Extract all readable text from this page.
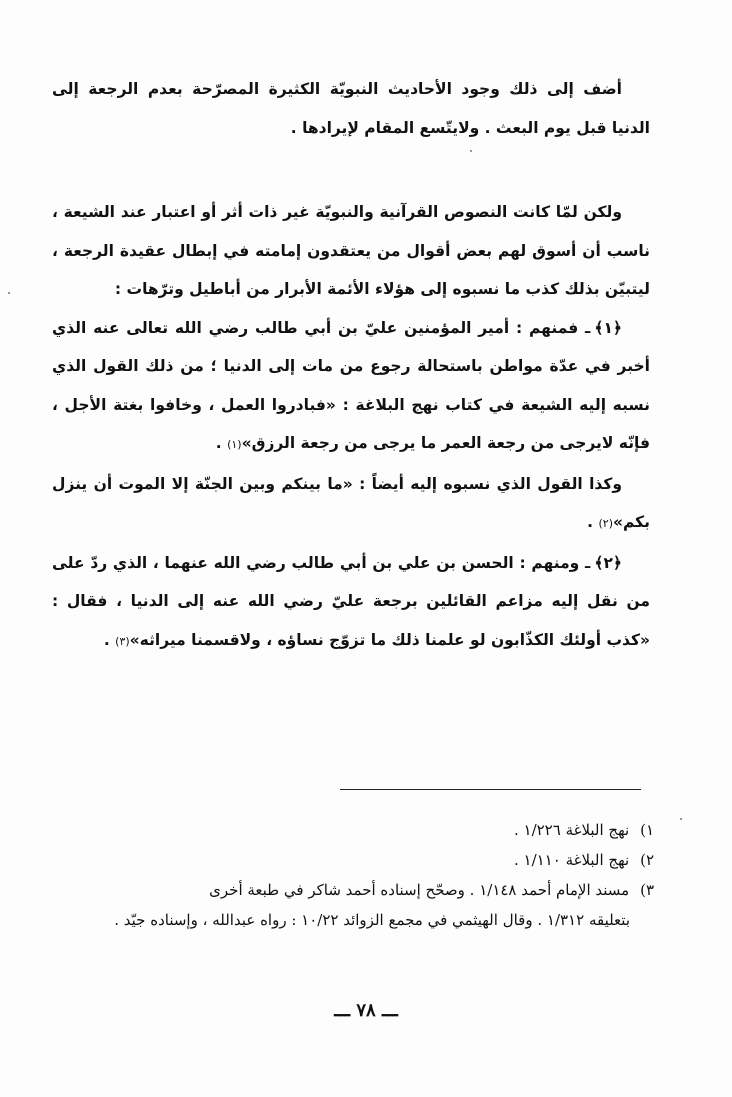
أضف إلى ذلك وجود الأحاديث النبويّة الكثيرة المصرّحة بعدم الرجعة إلى الدنيا قبل يوم البعث . ولايتّسع المقام لإيرادها .

ولكن لمّا كانت النصوص القرآنية والنبويّة غير ذات أثر أو اعتبار عند الشيعة ، ناسب أن أسوق لهم بعض أقوال من يعتقدون إمامته في إبطال عقيدة الرجعة ، ليتبيّن بذلك كذب ما نسبوه إلى هؤلاء الأئمة الأبرار من أباطيل وترّهات :

﴿١﴾ـ فمنهم : أمير المؤمنين عليّ بن أبي طالب رضي الله تعالى عنه الذي أخبر في عدّة مواطن باستحالة رجوع من مات إلى الدنيا ؛ من ذلك القول الذي نسبه إليه الشيعة في كتاب نهج البلاغة : «فبادروا العمل ، وخافوا بغتة الأجل ، فإنّه لايرجى من رجعة العمر ما يرجى من رجعة الرزق»(١) .

وكذا القول الذي نسبوه إليه أيضاً : «ما بينكم وبين الجنّة إلا الموت أن ينزل بكم»(٢) .

﴿٢﴾ـ ومنهم : الحسن بن علي بن أبي طالب رضي الله عنهما ، الذي ردّ على من نقل إليه مزاعم القائلين برجعة عليّ رضي الله عنه إلى الدنيا ، فقال : «كذب أولئك الكذّابون لو علمنا ذلك ما تزوّج نساؤه ، ولاقسمنا ميراثه»(٣) .

١) نهج البلاغة ١/٢٢٦ .

٢) نهج البلاغة ١/١١٠ .

٣) مسند الإمام أحمد ١/١٤٨ . وصحّح إسناده أحمد شاكر في طبعة أخرى

بتعليقه ١/٣١٢ . وقال الهيثمي في مجمع الزوائد ١٠/٢٢ : رواه عبدالله ، وإسناده جيّد .

ـــ ٧٨ ـــ
